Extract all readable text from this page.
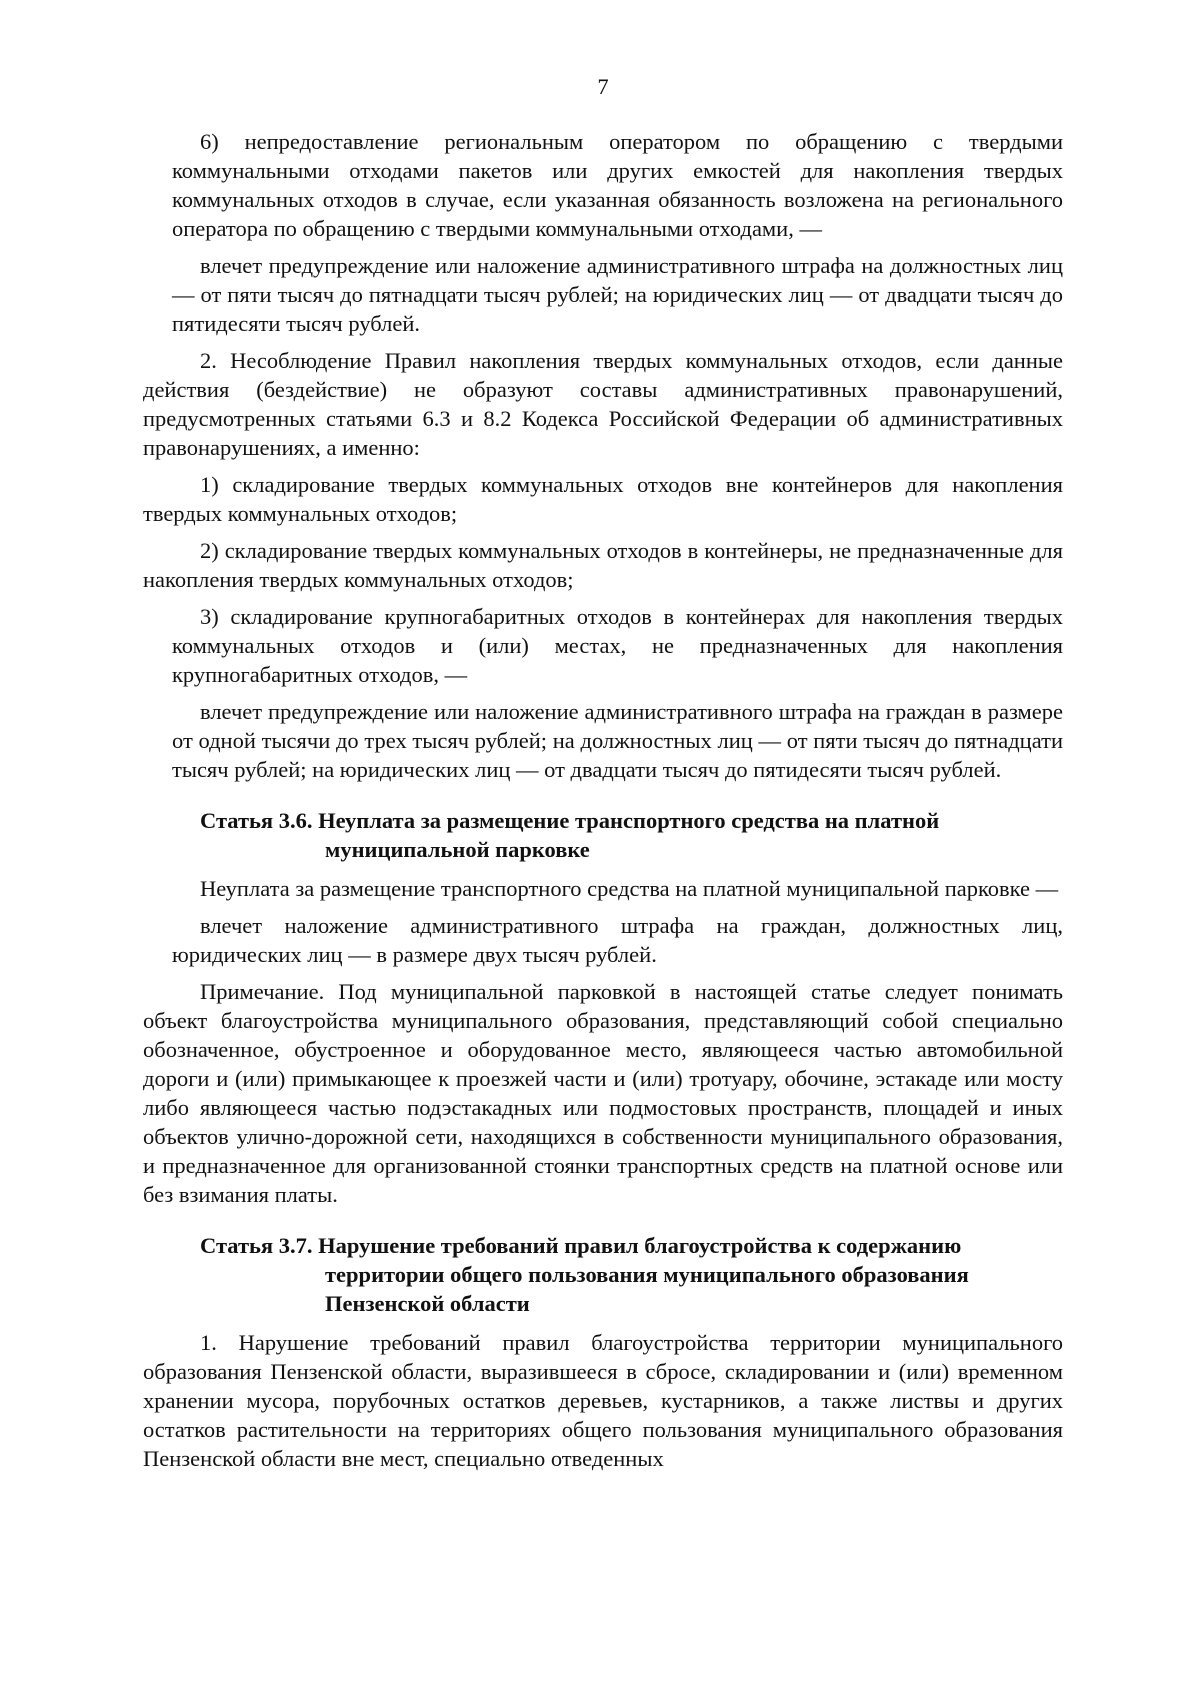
7

6) непредоставление региональным оператором по обращению с твердыми коммунальными отходами пакетов или других емкостей для накопления твердых коммунальных отходов в случае, если указанная обязанность возложена на регионального оператора по обращению с твердыми коммунальными отходами, —

влечет предупреждение или наложение административного штрафа на должностных лиц — от пяти тысяч до пятнадцати тысяч рублей; на юридических лиц — от двадцати тысяч до пятидесяти тысяч рублей.

2. Несоблюдение Правил накопления твердых коммунальных отходов, если данные действия (бездействие) не образуют составы административных правонарушений, предусмотренных статьями 6.3 и 8.2 Кодекса Российской Федерации об административных правонарушениях, а именно:

1) складирование твердых коммунальных отходов вне контейнеров для накопления твердых коммунальных отходов;

2) складирование твердых коммунальных отходов в контейнеры, не предназначенные для накопления твердых коммунальных отходов;

3) складирование крупногабаритных отходов в контейнерах для накопления твердых коммунальных отходов и (или) местах, не предназначенных для накопления крупногабаритных отходов, —

влечет предупреждение или наложение административного штрафа на граждан в размере от одной тысячи до трех тысяч рублей; на должностных лиц — от пяти тысяч до пятнадцати тысяч рублей; на юридических лиц — от двадцати тысяч до пятидесяти тысяч рублей.

Статья 3.6. Неуплата за размещение транспортного средства на платной
муниципальной парковке

Неуплата за размещение транспортного средства на платной муниципальной парковке —

влечет наложение административного штрафа на граждан, должностных лиц, юридических лиц — в размере двух тысяч рублей.

Примечание. Под муниципальной парковкой в настоящей статье следует понимать объект благоустройства муниципального образования, представляющий собой специально обозначенное, обустроенное и оборудованное место, являющееся частью автомобильной дороги и (или) примыкающее к проезжей части и (или) тротуару, обочине, эстакаде или мосту либо являющееся частью подэстакадных или подмостовых пространств, площадей и иных объектов улично-дорожной сети, находящихся в собственности муниципального образования, и предназначенное для организованной стоянки транспортных средств на платной основе или без взимания платы.

Статья 3.7. Нарушение требований правил благоустройства к содержанию
территории общего пользования муниципального образования
Пензенской области

1. Нарушение требований правил благоустройства территории муниципального образования Пензенской области, выразившееся в сбросе, складировании и (или) временном хранении мусора, порубочных остатков деревьев, кустарников, а также листвы и других остатков растительности на территориях общего пользования муниципального образования Пензенской области вне мест, специально отведенных
